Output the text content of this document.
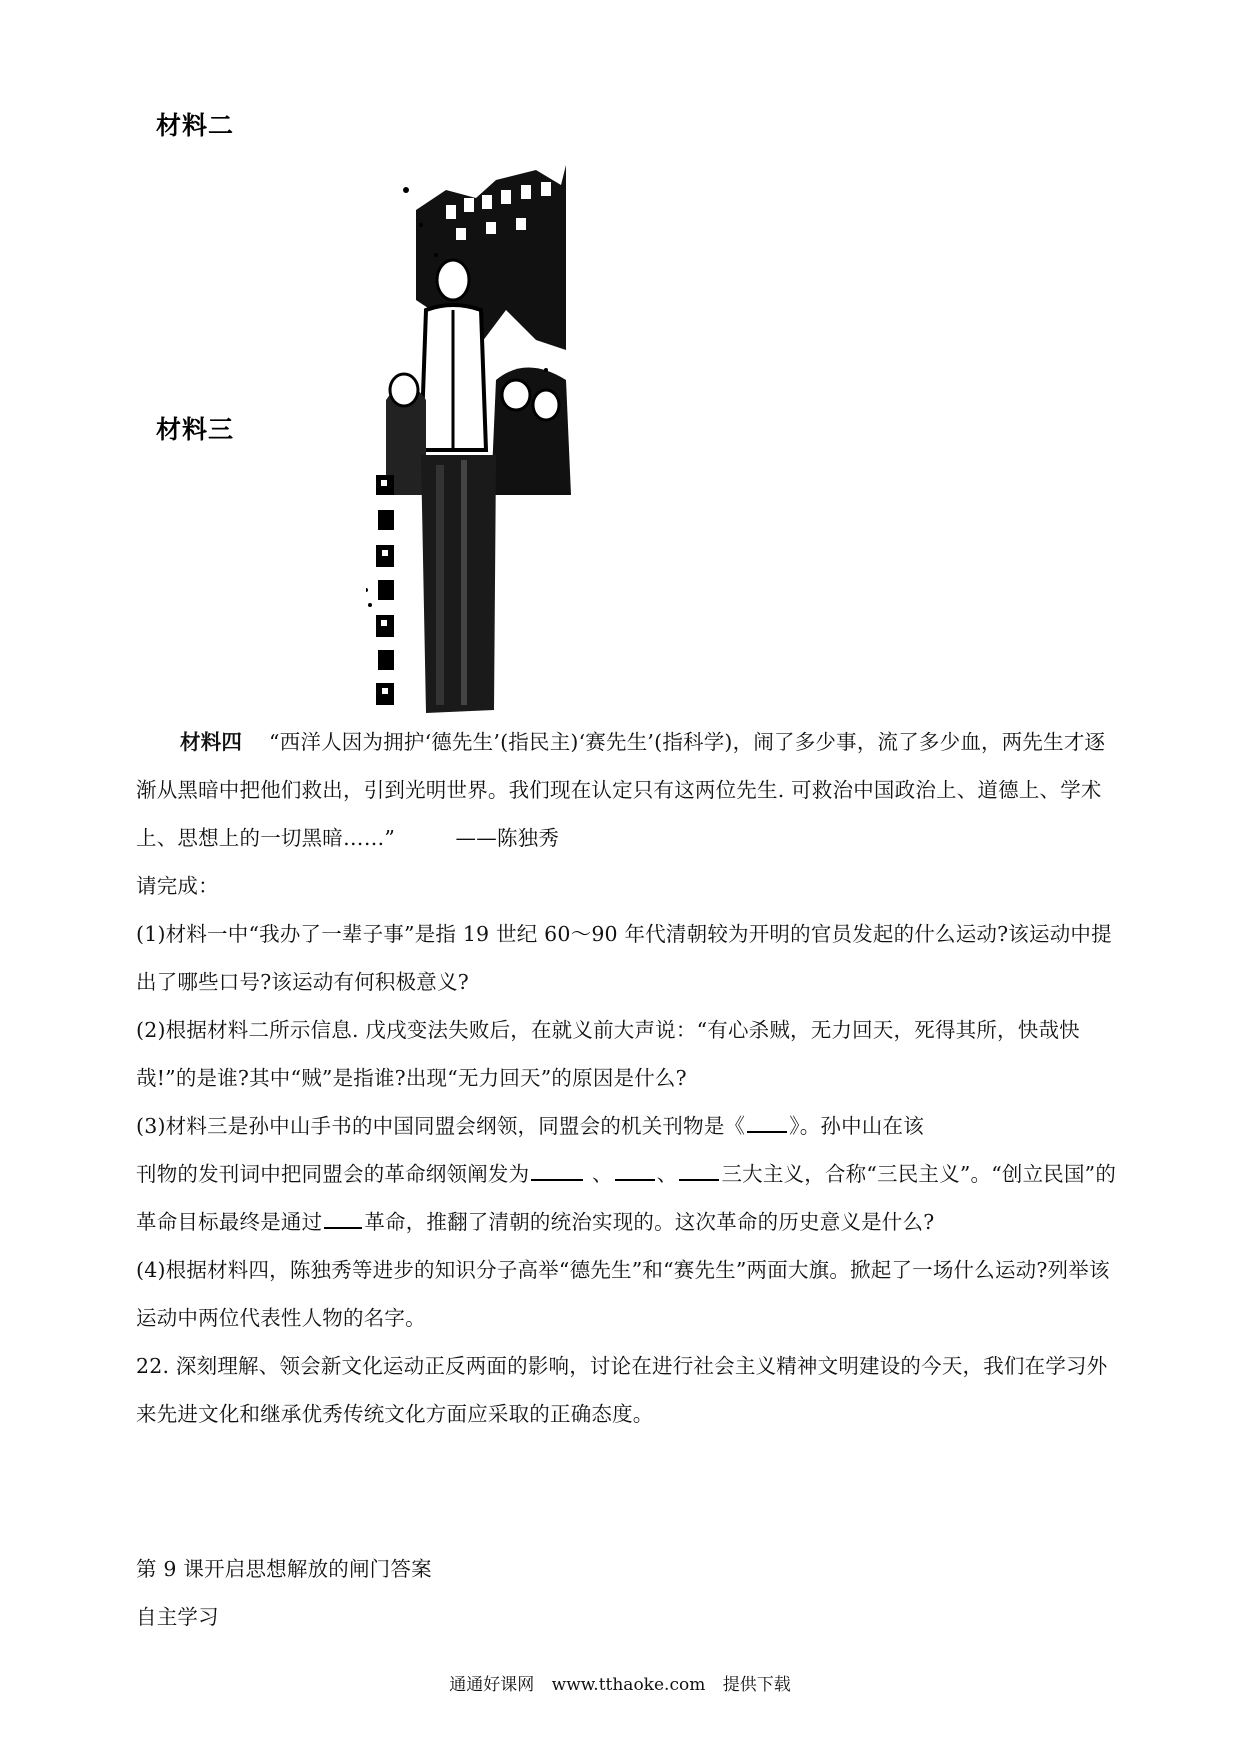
材料二
材料三

材料四 “西洋人因为拥护‘德先生’(指民主)‘赛先生’(指科学)，闹了多少事，流了多少血，两先生才逐渐从黑暗中把他们救出，引到光明世界。我们现在认定只有这两位先生. 可救治中国政治上、道德上、学术上、思想上的一切黑暗……”	——陈独秀

请完成：

(1)材料一中“我办了一辈子事”是指 19 世纪 60～90 年代清朝较为开明的官员发起的什么运动?该运动中提出了哪些口号?该运动有何积极意义?

(2)根据材料二所示信息. 戊戌变法失败后，在就义前大声说：“有心杀贼，无力回天，死得其所，快哉快哉!”的是谁?其中“贼”是指谁?出现“无力回天”的原因是什么?

(3)材料三是孙中山手书的中国同盟会纲领，同盟会的机关刊物是《 》。孙中山在该

刊物的发刊词中把同盟会的革命纲领阐发为	、 、 三大主义，合称“三民主义”。“创立民国”的革命目标最终是通过 革命，推翻了清朝的统治实现的。这次革命的历史意义是什么?

(4)根据材料四，陈独秀等进步的知识分子高举“德先生”和“赛先生”两面大旗。掀起了一场什么运动?列举该运动中两位代表性人物的名字。

22. 深刻理解、领会新文化运动正反两面的影响，讨论在进行社会主义精神文明建设的今天，我们在学习外来先进文化和继承优秀传统文化方面应采取的正确态度。

第 9 课开启思想解放的闸门答案

自主学习

通通好课网 www.tthaoke.com 提供下载
